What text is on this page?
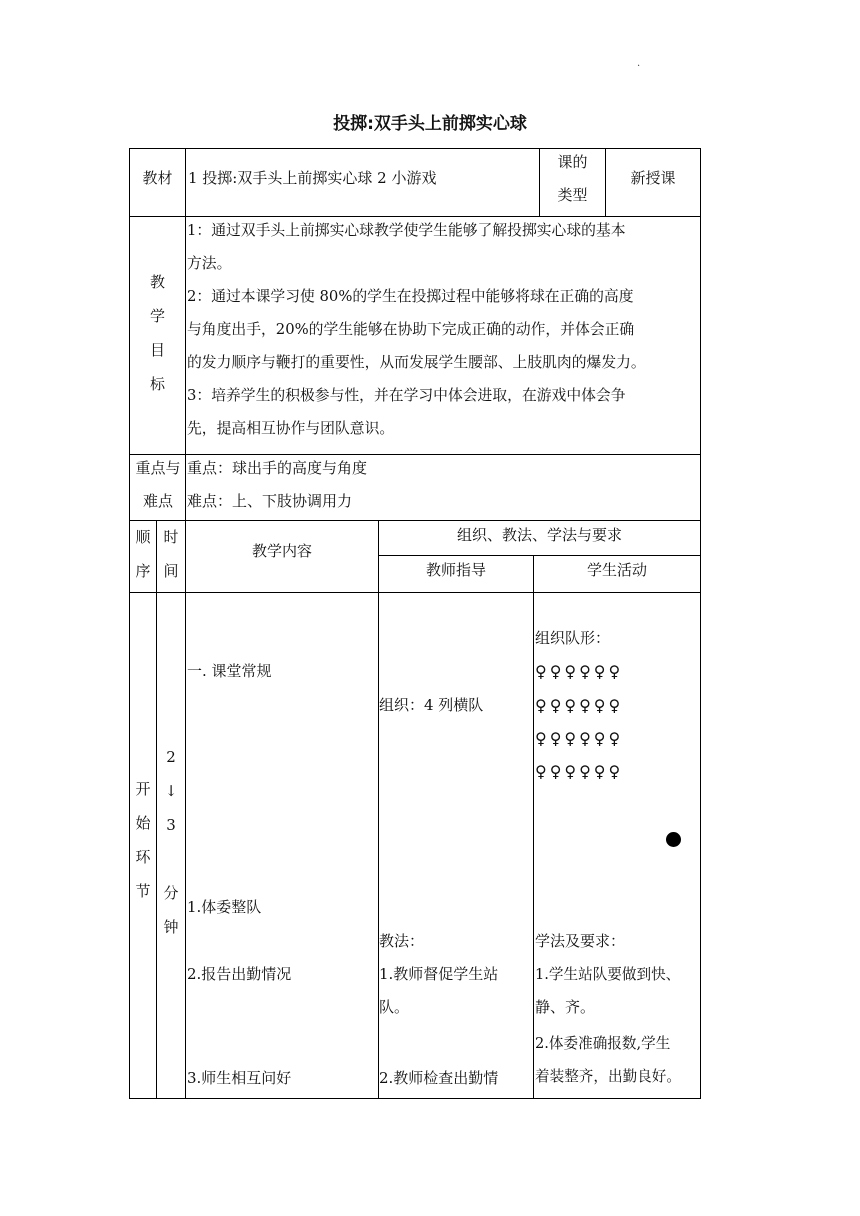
.
投掷:双手头上前掷实心球
教材	1 投掷:双手头上前掷实心球 2 小游戏
课的
类型
新授课
教
学
目
标
1：通过双手头上前掷实心球教学使学生能够了解投掷实心球的基本
方法。
2：通过本课学习使 80%的学生在投掷过程中能够将球在正确的高度
与角度出手，20%的学生能够在协助下完成正确的动作，并体会正确
的发力顺序与鞭打的重要性，从而发展学生腰部、上肢肌肉的爆发力。
3：培养学生的积极参与性，并在学习中体会进取，在游戏中体会争
先，提高相互协作与团队意识。
重点与
难点
重点：球出手的高度与角度
难点：上、下肢协调用力
顺
序
时
间
教学内容
组织、教法、学法与要求
教师指导	学生活动
开
始
环
节
2
↓
3
分
钟
一. 课堂常规
1.体委整队
2.报告出勤情况
3.师生相互问好
组织：4 列横队
教法：
1.教师督促学生站
队。
2.教师检查出勤情
组织队形：
♀♀♀♀♀♀
♀♀♀♀♀♀
♀♀♀♀♀♀
♀♀♀♀♀♀
学法及要求：
1.学生站队要做到快、
静、齐。
2.体委准确报数,学生
着装整齐，出勤良好。
